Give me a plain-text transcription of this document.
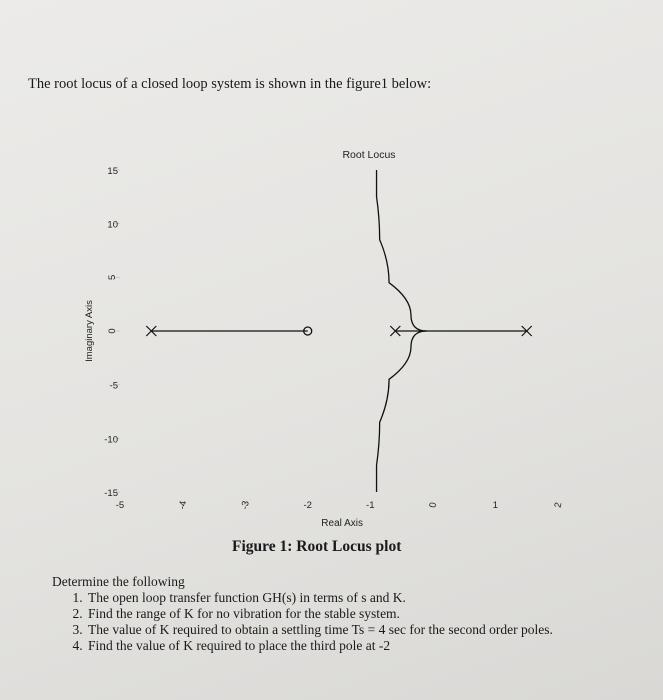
The root locus of a closed loop system is shown in the figure1 below:
Root Locus
Real Axis
Imaginary Axis
15
10
5
0
-5
-10
-15
-5	-4	-3	-2	-1	0	1	2
Figure 1: Root Locus plot
Determine the following
1. The open loop transfer function GH(s) in terms of s and K.
2. Find the range of K for no vibration for the stable system.
3. The value of K required to obtain a settling time Ts = 4 sec for the second order poles.
4. Find the value of K required to place the third pole at -2
